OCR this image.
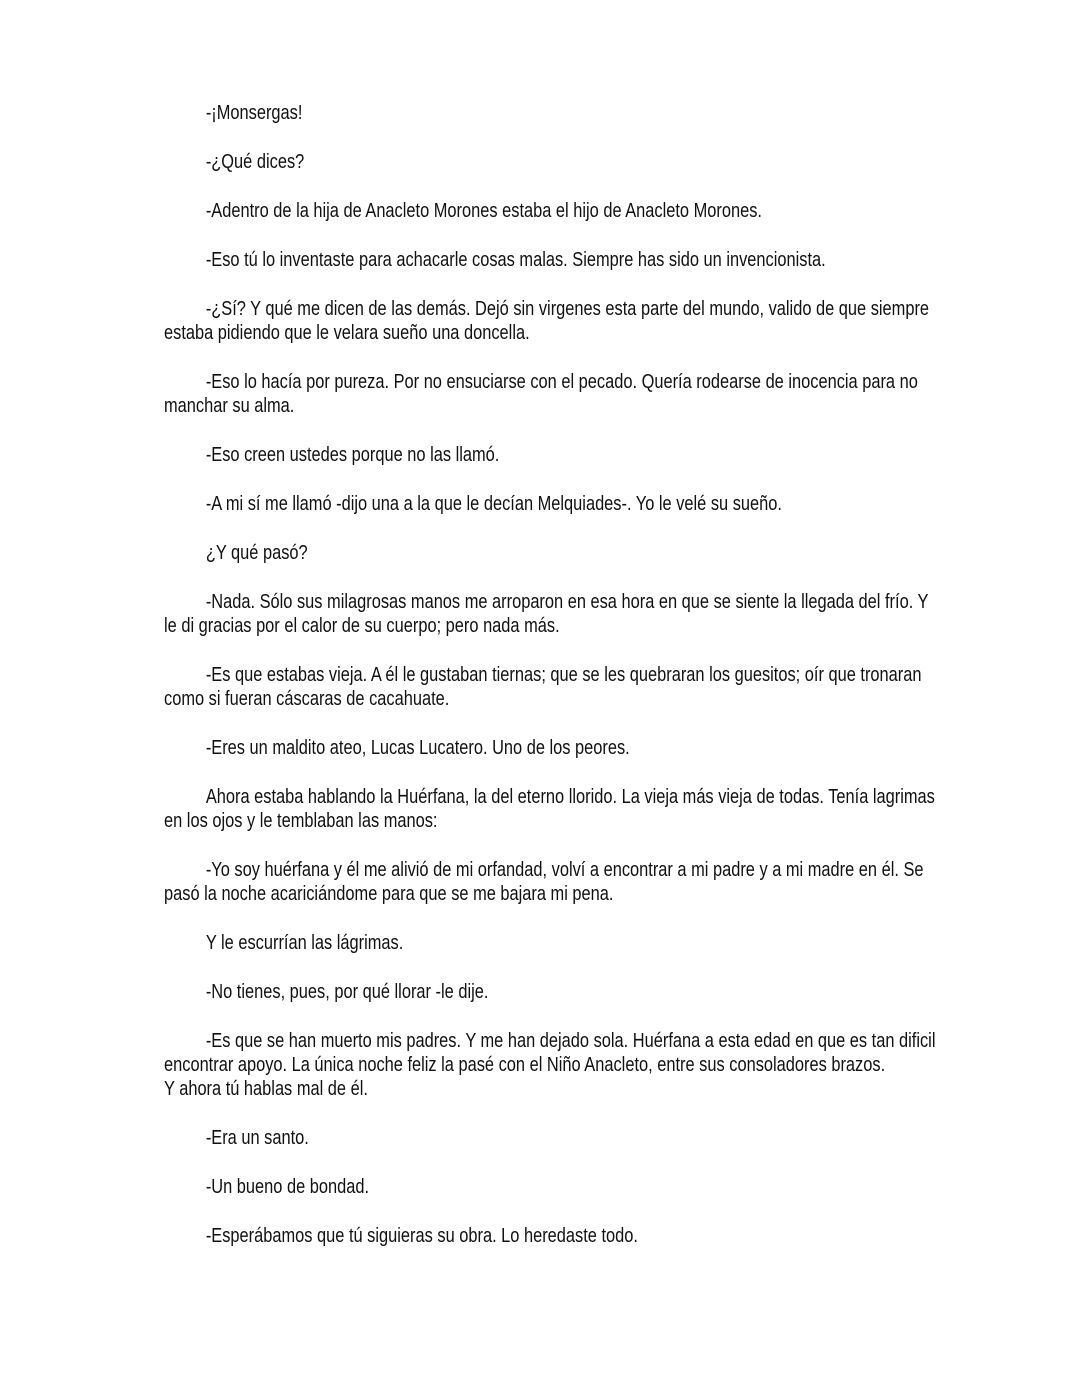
-¡Monsergas!

-¿Qué dices?

-Adentro de la hija de Anacleto Morones estaba el hijo de Anacleto Morones.

-Eso tú lo inventaste para achacarle cosas malas. Siempre has sido un invencionista.

-¿Sí? Y qué me dicen de las demás. Dejó sin virgenes esta parte del mundo, valido de que siempre
estaba pidiendo que le velara sueño una doncella.

-Eso lo hacía por pureza. Por no ensuciarse con el pecado. Quería rodearse de inocencia para no
manchar su alma.

-Eso creen ustedes porque no las llamó.

-A mi sí me llamó -dijo una a la que le decían Melquiades-. Yo le velé su sueño.

¿Y qué pasó?

-Nada. Sólo sus milagrosas manos me arroparon en esa hora en que se siente la llegada del frío. Y
le di gracias por el calor de su cuerpo; pero nada más.

-Es que estabas vieja. A él le gustaban tiernas; que se les quebraran los guesitos; oír que tronaran
como si fueran cáscaras de cacahuate.

-Eres un maldito ateo, Lucas Lucatero. Uno de los peores.

Ahora estaba hablando la Huérfana, la del eterno llorido. La vieja más vieja de todas. Tenía lagrimas
en los ojos y le temblaban las manos:

-Yo soy huérfana y él me alivió de mi orfandad, volví a encontrar a mi padre y a mi madre en él. Se
pasó la noche acariciándome para que se me bajara mi pena.

Y le escurrían las lágrimas.

-No tienes, pues, por qué llorar -le dije.

-Es que se han muerto mis padres. Y me han dejado sola. Huérfana a esta edad en que es tan dificil
encontrar apoyo. La única noche feliz la pasé con el Niño Anacleto, entre sus consoladores brazos.
Y ahora tú hablas mal de él.

-Era un santo.

-Un bueno de bondad.

-Esperábamos que tú siguieras su obra. Lo heredaste todo.
